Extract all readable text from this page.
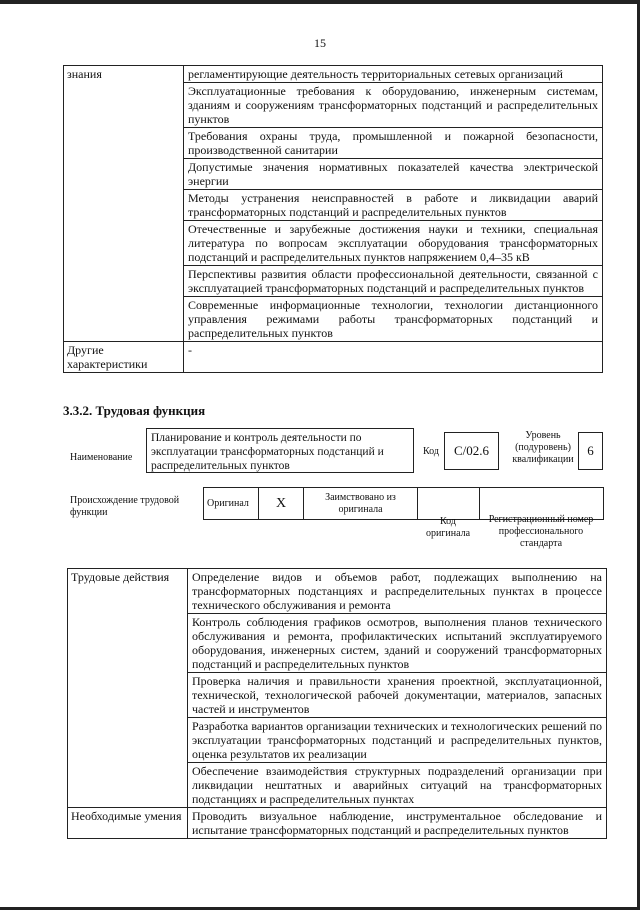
15
знания	регламентирующие деятельность территориальных сетевых организаций
	Эксплуатационные требования к оборудованию, инженерным системам, зданиям и сооружениям трансформаторных подстанций и распределительных пунктов
	Требования охраны труда, промышленной и пожарной безопасности, производственной санитарии
	Допустимые значения нормативных показателей качества электрической энергии
	Методы устранения неисправностей в работе и ликвидации аварий трансформаторных подстанций и распределительных пунктов
	Отечественные и зарубежные достижения науки и техники, специальная литература по вопросам эксплуатации оборудования трансформаторных подстанций и распределительных пунктов напряжением 0,4–35 кВ
	Перспективы развития области профессиональной деятельности, связанной с эксплуатацией трансформаторных подстанций и распределительных пунктов
	Современные информационные технологии, технологии дистанционного управления режимами работы трансформаторных подстанций и распределительных пунктов
Другие характеристики	-
3.3.2. Трудовая функция
Наименование
Планирование и контроль деятельности по эксплуатации трансформаторных подстанций и распределительных пунктов
Код	С/02.6
Уровень (подуровень) квалификации
6
Происхождение трудовой функции
Оригинал	X	Заимствовано из оригинала		
Код оригинала
Регистрационный номер профессионального стандарта
Трудовые действия	Определение видов и объемов работ, подлежащих выполнению на трансформаторных подстанциях и распределительных пунктах в процессе технического обслуживания и ремонта
	Контроль соблюдения графиков осмотров, выполнения планов технического обслуживания и ремонта, профилактических испытаний эксплуатируемого оборудования, инженерных систем, зданий и сооружений трансформаторных подстанций и распределительных пунктов
	Проверка наличия и правильности хранения проектной, эксплуатационной, технической, технологической рабочей документации, материалов, запасных частей и инструментов
	Разработка вариантов организации технических и технологических решений по эксплуатации трансформаторных подстанций и распределительных пунктов, оценка результатов их реализации
	Обеспечение взаимодействия структурных подразделений организации при ликвидации нештатных и аварийных ситуаций на трансформаторных подстанциях и распределительных пунктах
Необходимые умения	Проводить визуальное наблюдение, инструментальное обследование и испытание трансформаторных подстанций и распределительных пунктов
